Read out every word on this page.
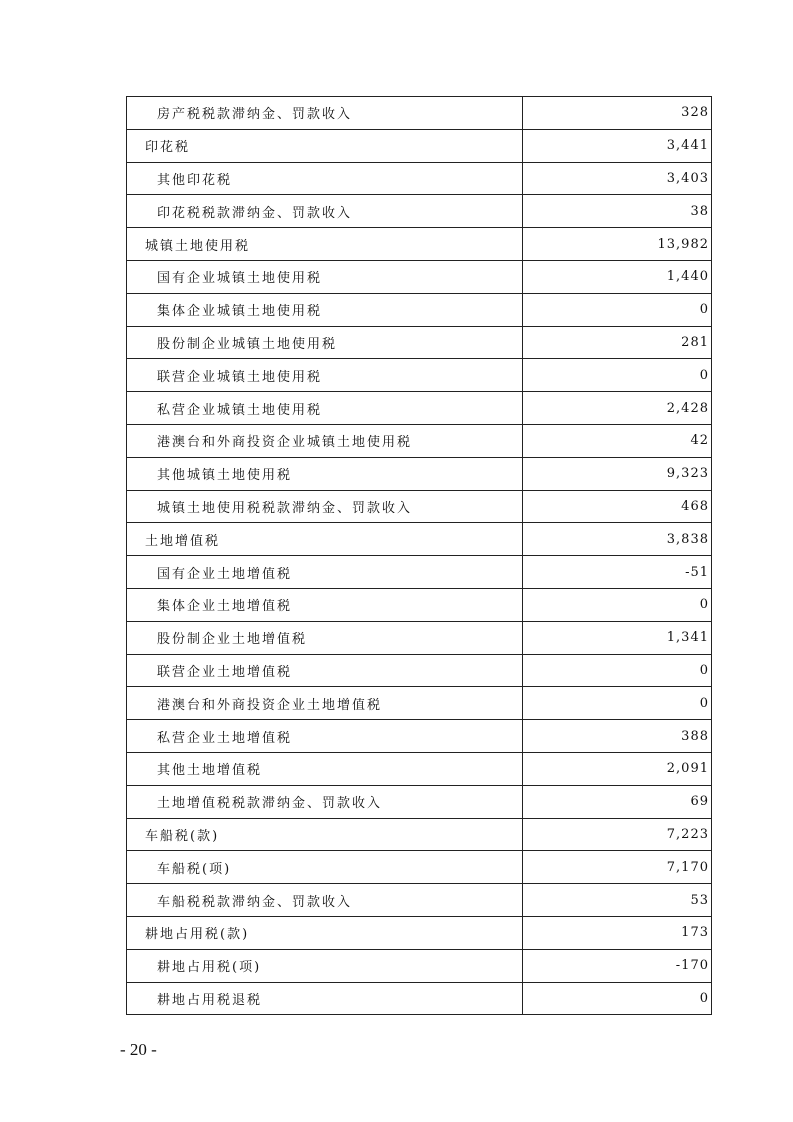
房产税税款滞纳金、罚款收入	328
印花税	3,441
其他印花税	3,403
印花税税款滞纳金、罚款收入	38
城镇土地使用税	13,982
国有企业城镇土地使用税	1,440
集体企业城镇土地使用税	0
股份制企业城镇土地使用税	281
联营企业城镇土地使用税	0
私营企业城镇土地使用税	2,428
港澳台和外商投资企业城镇土地使用税	42
其他城镇土地使用税	9,323
城镇土地使用税税款滞纳金、罚款收入	468
土地增值税	3,838
国有企业土地增值税	-51
集体企业土地增值税	0
股份制企业土地增值税	1,341
联营企业土地增值税	0
港澳台和外商投资企业土地增值税	0
私营企业土地增值税	388
其他土地增值税	2,091
土地增值税税款滞纳金、罚款收入	69
车船税(款)	7,223
车船税(项)	7,170
车船税税款滞纳金、罚款收入	53
耕地占用税(款)	173
耕地占用税(项)	-170
耕地占用税退税	0
- 20 -
